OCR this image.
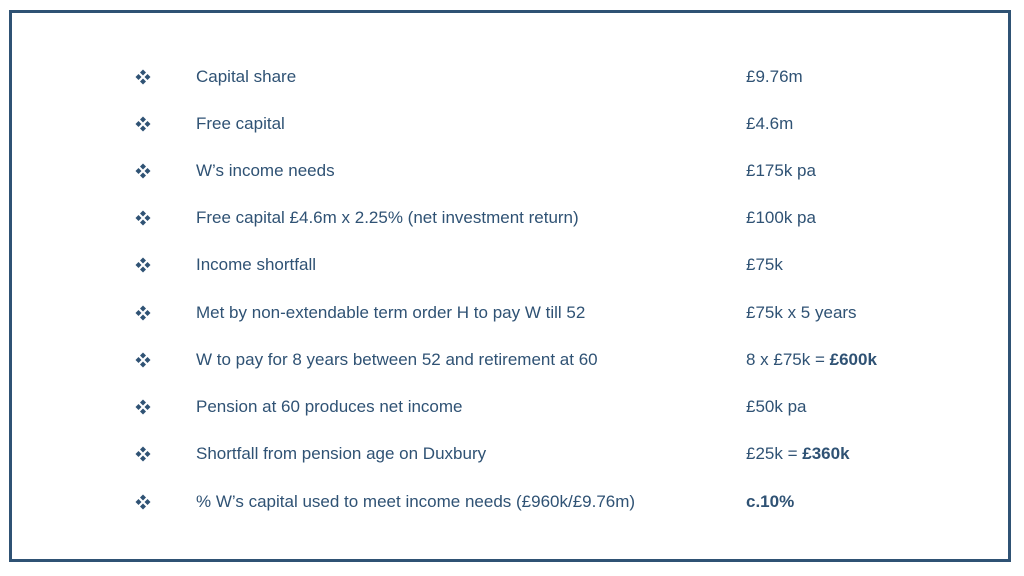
Capital share	£9.76m
Free capital	£4.6m
W’s income needs	£175k pa
Free capital £4.6m x 2.25% (net investment return)	£100k pa
Income shortfall	£75k
Met by non-extendable term order H to pay W till 52	£75k x 5 years
W to pay for 8 years between 52 and retirement at 60	8 x £75k = £600k
Pension at 60 produces net income	£50k pa
Shortfall from pension age on Duxbury	£25k = £360k
% W’s capital used to meet income needs (£960k/£9.76m)	c.10%
